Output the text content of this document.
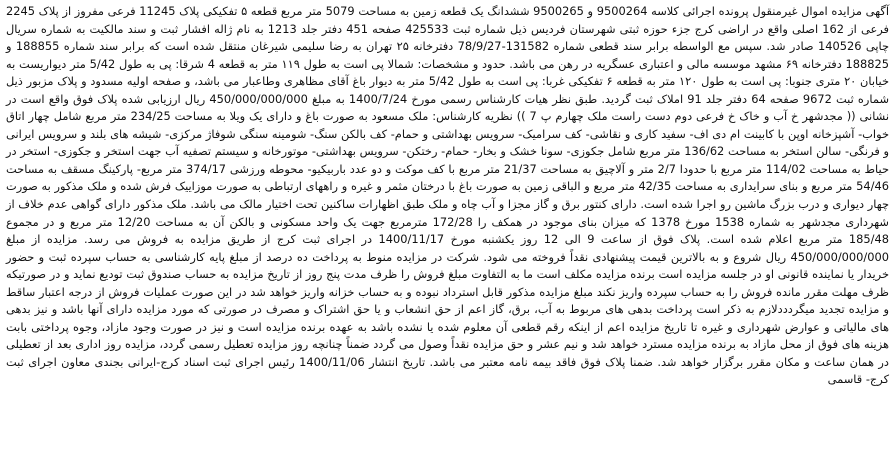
آگهی مزایده اموال غیرمنقول پرونده اجرائی کلاسه 9500264 و 9500265 ششدانگ یک قطعه زمین به مساحت 5079 متر مربع قطعه ۵ تفکیکی پلاک 11245 فرعی مفروز از پلاک 2245 فرعی از 162 اصلی واقع در اراضی کرج جزء حوزه ثبتی شهرستان فردیس ذیل شماره ثبت 425533 صفحه 451 دفتر جلد 1213 به نام ژاله افشار ثبت و سند مالکیت به شماره سریال چاپی 140526 صادر شد. سپس مع الواسطه برابر سند قطعی شماره 131582-78/9/27 دفترخانه ۲۵ تهران به رضا سلیمی شیرغان منتقل شده است که برابر سند شماره 188855 و 188825 دفترخانه ۶۹ مشهد موسسه مالی و اعتباری عسگریه در رهن می باشد. حدود و مشخصات: شمالا پی است به طول ۱۱۹ متر به قطعه 4 شرقا: پی به طول 5/42 متر دیواریست به خیابان ۲۰ متری جنوبا: پی است به طول ۱۲۰ متر به قطعه ۶ تفکیکی غربا: پی است به طول 5/42 متر به دیوار باغ آقای مظاهری وطاعبار می باشد، و صفحه اولیه مسدود و پلاک مزبور ذیل شماره ثبت 9672 صفحه 64 دفتر جلد 91 املاک ثبت گردید. طبق نظر هیات کارشناس رسمی مورخ 1400/7/24 به مبلغ 450/000/000/000 ریال ارزیابی شده پلاک فوق واقع است در نشانی (( مجدشهر خ آب و خاک خ فرعی دوم دست راست ملک چهارم پ 7 )) نظریه کارشناس: ملک مسعود به صورت باغ و دارای یک ویلا به مساحت 234/25 متر مربع شامل چهار اتاق خواب- آشپزخانه اوپن با کابینت ام دی اف- سفید کاری و نقاشی- کف سرامیک- سرویس بهداشتی و حمام- کف بالکن سنگ- شومینه سنگی شوفاژ مرکزی- شیشه های بلند و سرویس ایرانی و فرنگی- سالن استخر به مساحت 136/62 متر مربع شامل جکوزی- سونا خشک و بخار- حمام- رختکن- سرویس بهداشتی- موتورخانه و سیستم تصفیه آب جهت استخر و جکوزی- استخر در حیاط به مساحت 114/02 متر مربع با حدودا 2/7 متر و آلاچیق به مساحت 21/37 متر مربع با کف موکت و دو عدد باربیکیو- محوطه ورزشی 374/17 متر مربع- پارکینگ مسقف به مساحت 54/46 متر مربع و بنای سرایداری به مساحت 42/35 متر مربع و الباقی زمین به صورت باغ با درختان مثمر و غیره و راههای ارتباطی به صورت موزاییک فرش شده و ملک مذکور به صورت چهار دیواری و درب بزرگ ماشین رو اجرا شده است. دارای کنتور برق و گاز مجزا و آب چاه و ملک طبق اظهارات ساکنین تحت اختیار مالک می باشد. ملک مذکور دارای گواهی عدم خلاف از شهرداری مجدشهر به شماره 1538 مورخ 1378 که میزان بنای موجود در همکف را 172/28 مترمربع جهت یک واحد مسکونی و بالکن آن به مساحت 12/20 متر مربع و در مجموع 185/48 متر مربع اعلام شده است. پلاک فوق از ساعت 9 الی 12 روز یکشنبه مورخ 1400/11/17 در اجرای ثبت کرج از طریق مزایده به فروش می رسد. مزایده از مبلغ 450/000/000/000 ریال شروع و به بالاترین قیمت پیشنهادی نقداً فروخته می شود. شرکت در مزایده منوط به پرداخت ده درصد از مبلغ پایه کارشناسی به حساب سپرده ثبت و حضور خریدار یا نماینده قانونی او در جلسه مزایده است برنده مزایده مکلف است ما به التفاوت مبلغ فروش را ظرف مدت پنج روز از تاریخ مزایده به حساب صندوق ثبت تودیع نماید و در صورتیکه ظرف مهلت مقرر مانده فروش را به حساب سپرده واریز نکند مبلغ مزایده مذکور قابل استرداد نبوده و به حساب خزانه واریز خواهد شد در این صورت عملیات فروش از درجه اعتبار ساقط و مزایده تجدید میگردددلازم به ذکر است پرداخت بدهی های مربوط به آب، برق، گاز اعم از حق انشعاب و یا حق اشتراک و مصرف در صورتی که مورد مزایده دارای آنها باشد و نیز بدهی های مالیاتی و عوارض شهرداری و غیره تا تاریخ مزایده اعم از اینکه رقم قطعی آن معلوم شده یا نشده باشد به عهده برنده مزایده است و نیز در صورت وجود مازاد، وجوه پرداختی بابت هزینه های فوق از محل مازاد به برنده مزایده مسترد خواهد شد و نیم عشر و حق مزایده نقداً وصول می گردد ضمناً چنانچه روز مزایده تعطیل رسمی گردد، مزایده روز اداری بعد از تعطیلی در همان ساعت و مکان مقرر برگزار خواهد شد. ضمنا پلاک فوق فاقد بیمه نامه معتبر می باشد. تاریخ انتشار 1400/11/06 رئیس اجرای ثبت اسناد کرج-ایرانی بجندی معاون اجرای ثبت کرج- قاسمی
